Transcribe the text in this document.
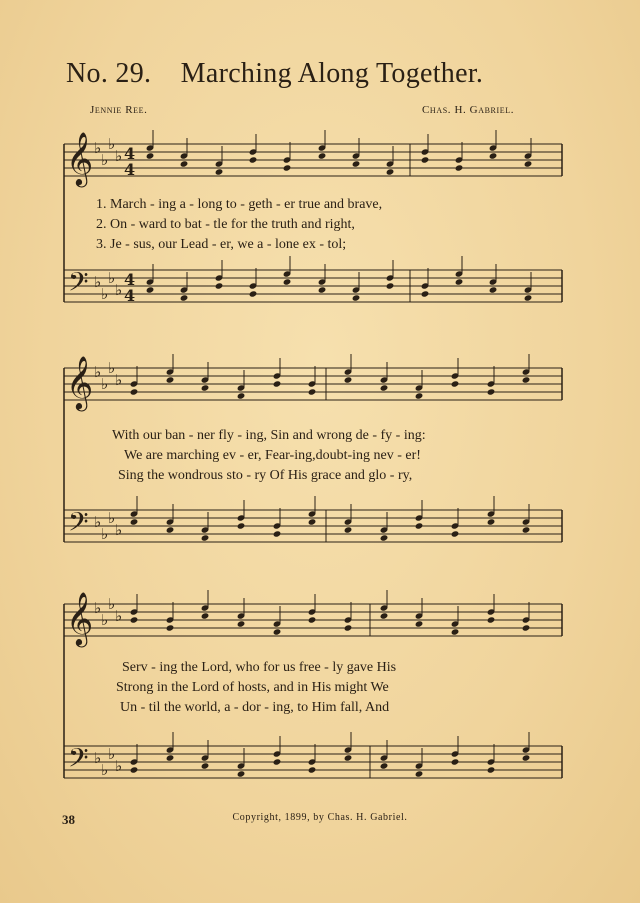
No. 29. Marching Along Together.
Jennie Ree.	Chas. H. Gabriel.
𝄞
𝄢
♭
♭
♭
♭
♭
♭
♭
♭
4
4
4
4
𝄞
𝄢
♭
♭
♭
♭
♭
♭
♭
♭
𝄞
𝄢
♭
♭
♭
♭
♭
♭
♭
♭
1. March - ing a - long to - geth - er true and brave,
2. On - ward to bat - tle for the truth and right,
3. Je - sus, our Lead - er, we a - lone ex - tol;
With our ban - ner fly - ing, Sin and wrong de - fy - ing:
We are marching ev - er, Fear-ing,doubt-ing nev - er!
Sing the wondrous sto - ry Of His grace and glo - ry,
Serv - ing the Lord, who for us free - ly gave His
Strong in the Lord of hosts, and in His might We
Un - til the world, a - dor - ing, to Him fall, And
38	Copyright, 1899, by Chas. H. Gabriel.
